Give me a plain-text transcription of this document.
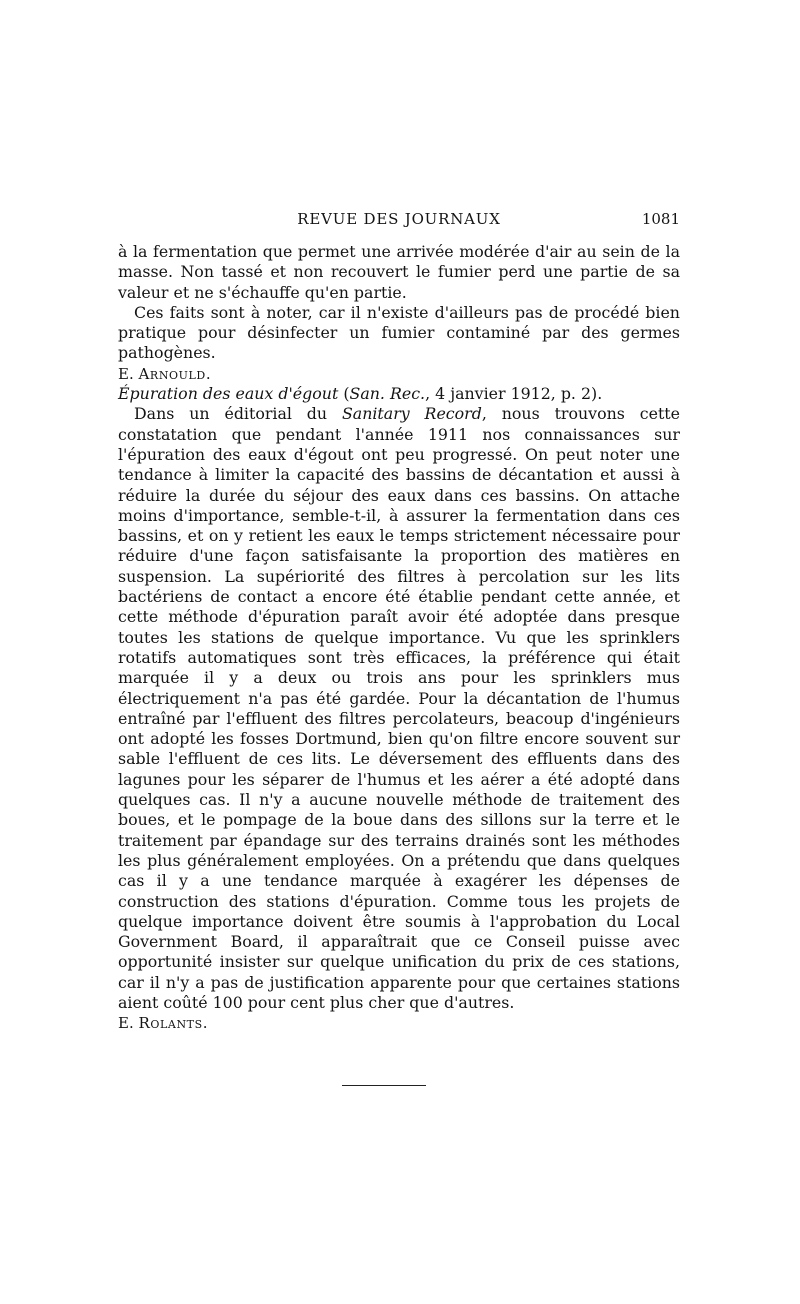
REVUE DES JOURNAUX	1081

à la fermentation que permet une arrivée modérée d'air au sein de la masse. Non tassé et non recouvert le fumier perd une partie de sa valeur et ne s'échauffe qu'en partie.

Ces faits sont à noter, car il n'existe d'ailleurs pas de procédé bien pratique pour désinfecter un fumier contaminé par des germes pathogènes.

E. Arnould.

Épuration des eaux d'égout (San. Rec., 4 janvier 1912, p. 2).

Dans un éditorial du Sanitary Record, nous trouvons cette constatation que pendant l'année 1911 nos connaissances sur l'épuration des eaux d'égout ont peu progressé. On peut noter une tendance à limiter la capacité des bassins de décantation et aussi à réduire la durée du séjour des eaux dans ces bassins. On attache moins d'importance, semble-t-il, à assurer la fermentation dans ces bassins, et on y retient les eaux le temps strictement nécessaire pour réduire d'une façon satisfaisante la proportion des matières en suspension. La supériorité des filtres à percolation sur les lits bactériens de contact a encore été établie pendant cette année, et cette méthode d'épuration paraît avoir été adoptée dans presque toutes les stations de quelque importance. Vu que les sprinklers rotatifs automatiques sont très efficaces, la préférence qui était marquée il y a deux ou trois ans pour les sprinklers mus électriquement n'a pas été gardée. Pour la décantation de l'humus entraîné par l'effluent des filtres percolateurs, beacoup d'ingénieurs ont adopté les fosses Dortmund, bien qu'on filtre encore souvent sur sable l'effluent de ces lits. Le déversement des effluents dans des lagunes pour les séparer de l'humus et les aérer a été adopté dans quelques cas. Il n'y a aucune nouvelle méthode de traitement des boues, et le pompage de la boue dans des sillons sur la terre et le traitement par épandage sur des terrains drainés sont les méthodes les plus généralement employées. On a prétendu que dans quelques cas il y a une tendance marquée à exagérer les dépenses de construction des stations d'épuration. Comme tous les projets de quelque importance doivent être soumis à l'approbation du Local Government Board, il apparaîtrait que ce Conseil puisse avec opportunité insister sur quelque unification du prix de ces stations, car il n'y a pas de justification apparente pour que certaines stations aient coûté 100 pour cent plus cher que d'autres.

E. Rolants.
